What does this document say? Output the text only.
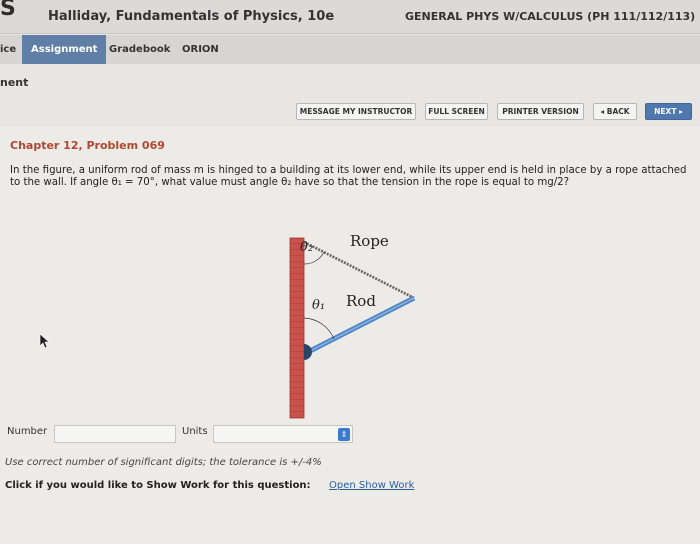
S Halliday, Fundamentals of Physics, 10e	GENERAL PHYS W/CALCULUS (PH 111/112/113)
ice	Assignment	Gradebook ORION
nent
MESSAGE MY INSTRUCTOR	FULL SCREEN	PRINTER VERSION	◂ BACK	NEXT ▸
Chapter 12, Problem 069
In the figure, a uniform rod of mass m is hinged to a building at its lower end, while its upper end is held in place by a rope attached
to the wall. If angle θ₁ = 70°, what value must angle θ₂ have so that the tension in the rope is equal to mg/2?
θ₂ Rope
θ₁ Rod
Number	Units	⇕
Use correct number of significant digits; the tolerance is +/-4%
Click if you would like to Show Work for this question: Open Show Work
